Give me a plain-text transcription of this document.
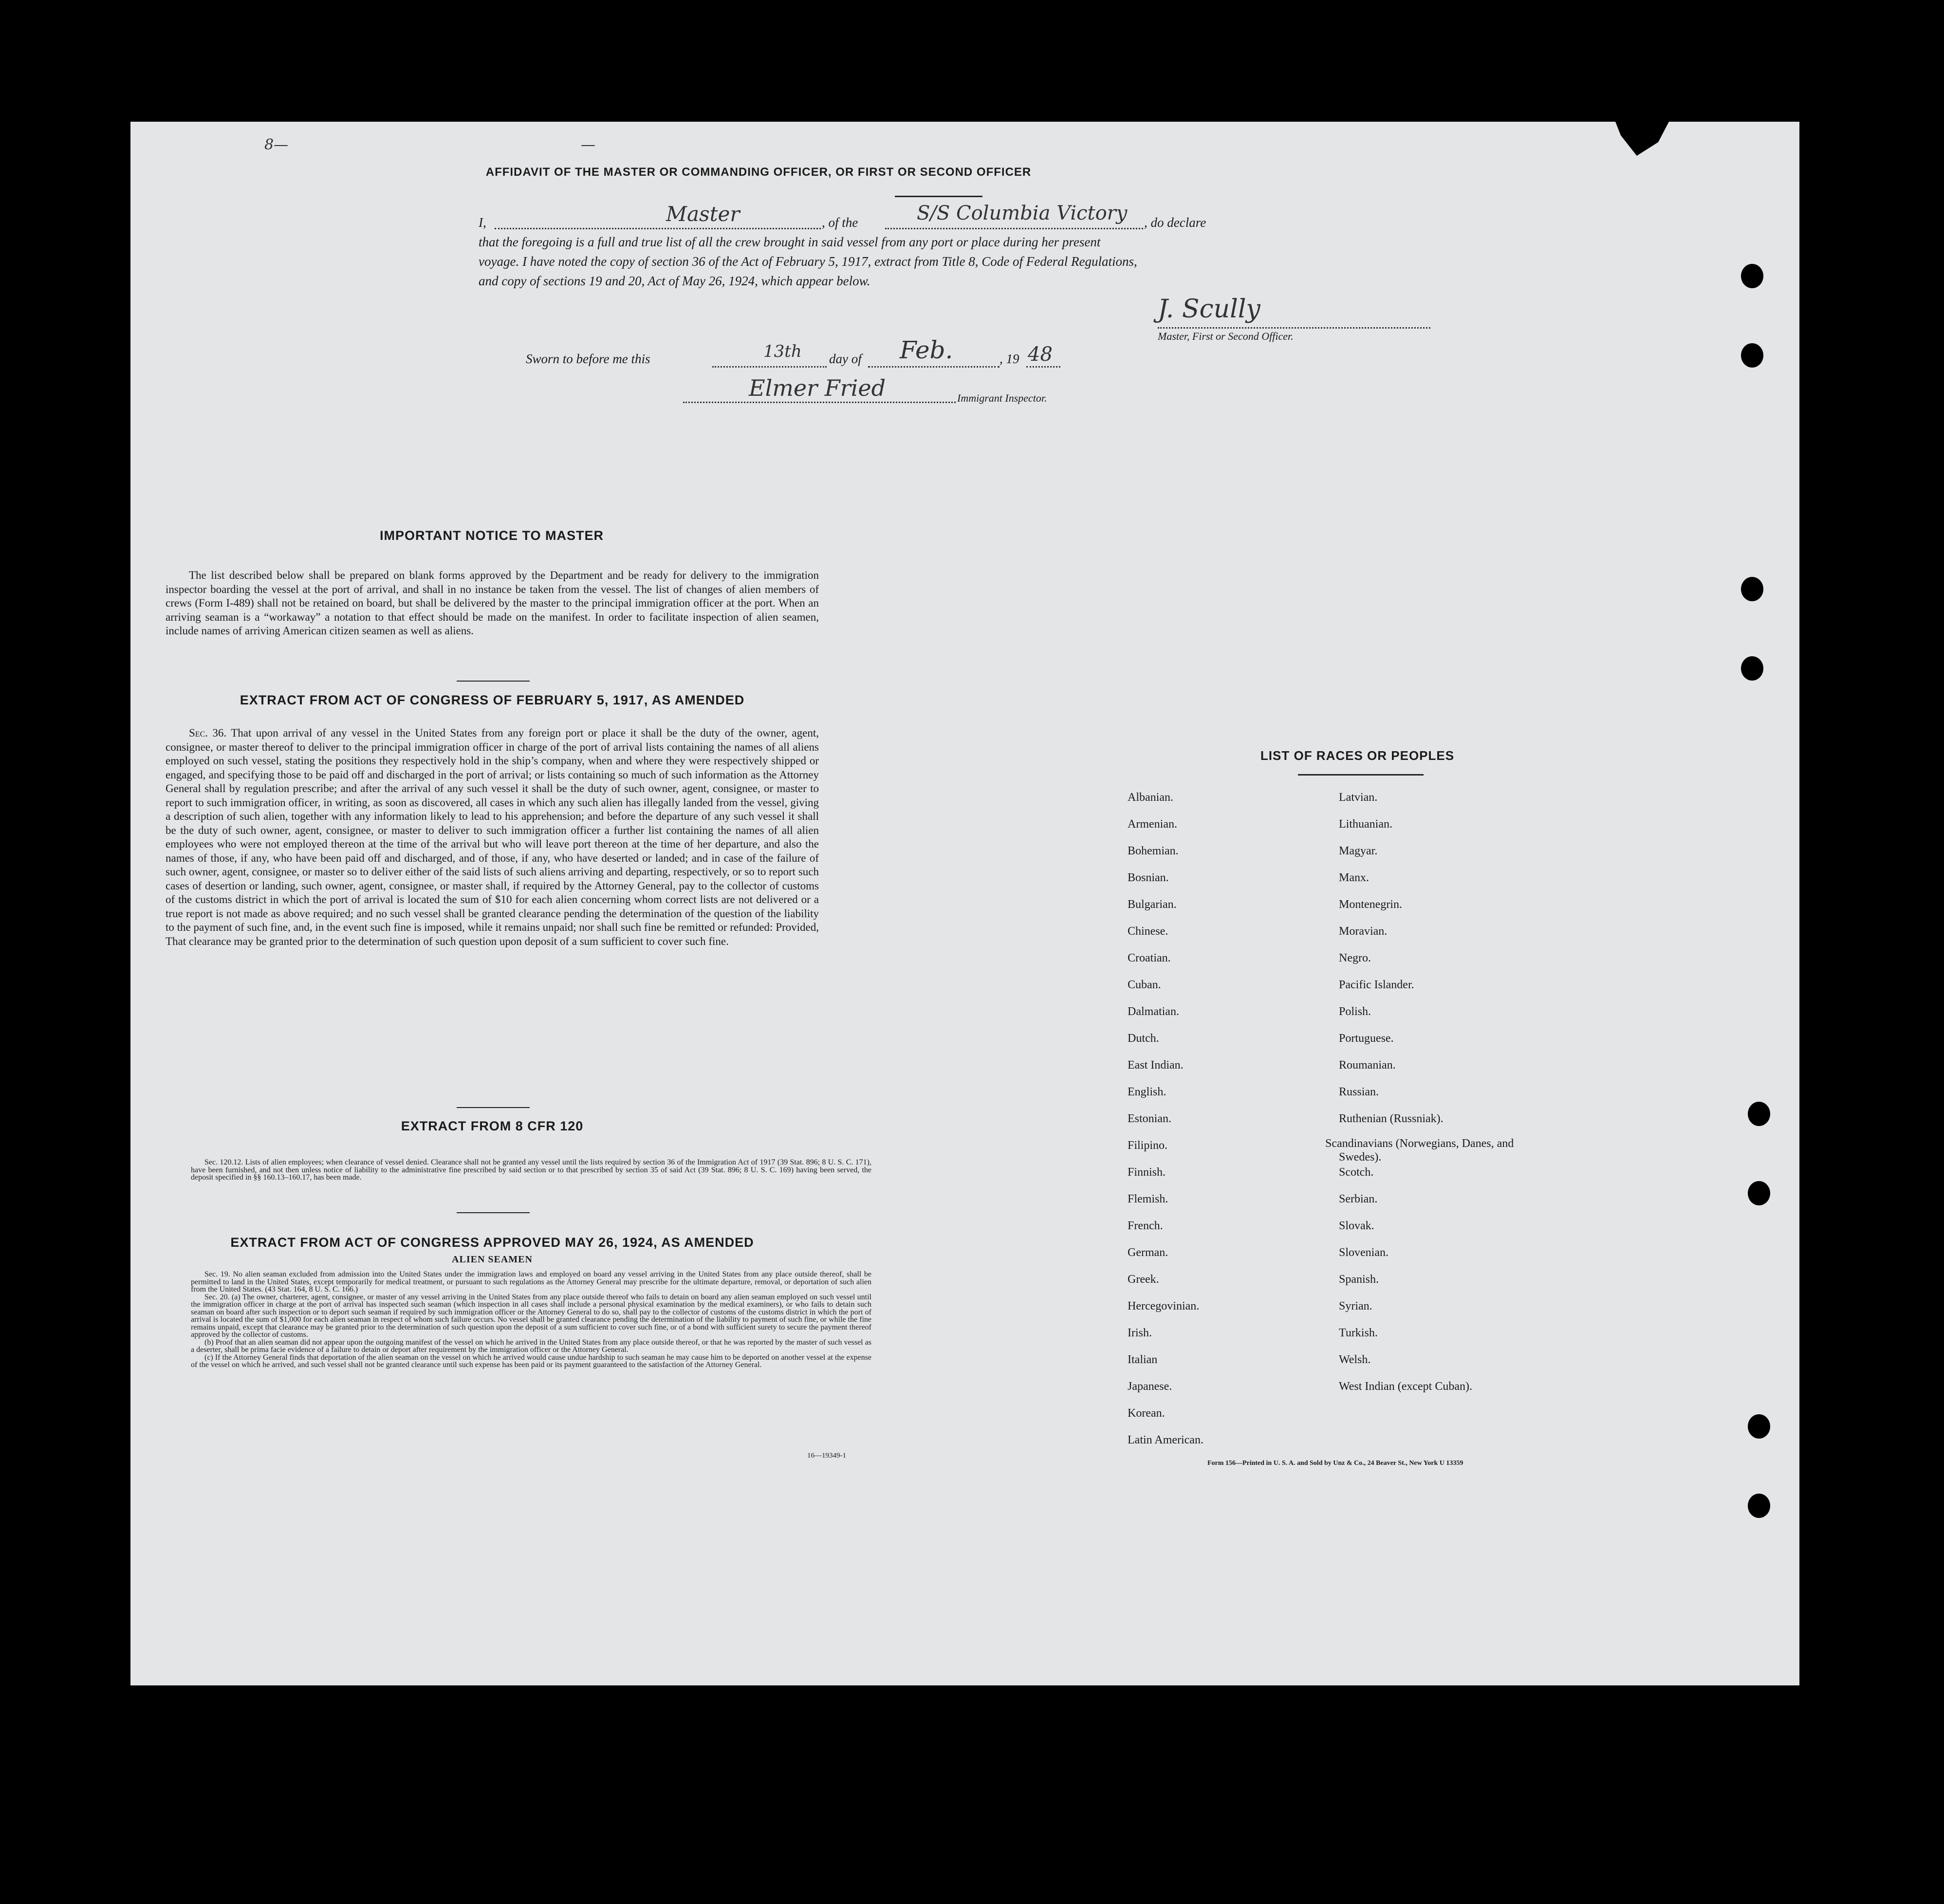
8—	—
AFFIDAVIT OF THE MASTER OR COMMANDING OFFICER, OR FIRST OR SECOND OFFICER
I,	Master	, of the	S/S Columbia Victory , do declare
that the foregoing is a full and true list of all the crew brought in said vessel from any port or place during her present
voyage. I have noted the copy of section 36 of the Act of February 5, 1917, extract from Title 8, Code of Federal Regulations,
and copy of sections 19 and 20, Act of May 26, 1924, which appear below.
J. Scully
Master, First or Second Officer.
Sworn to before me this	13th day of Feb.	, 19 48
Elmer Fried	Immigrant Inspector.
IMPORTANT NOTICE TO MASTER
The list described below shall be prepared on blank forms approved by the Department and be ready for delivery to the immigration inspector boarding the vessel at the port of arrival, and shall in no instance be taken from the vessel. The list of changes of alien members of crews (Form I-489) shall not be retained on board, but shall be delivered by the master to the principal immigration officer at the port. When an arriving seaman is a “workaway” a notation to that effect should be made on the manifest. In order to facilitate inspection of alien seamen, include names of arriving American citizen seamen as well as aliens.
EXTRACT FROM ACT OF CONGRESS OF FEBRUARY 5, 1917, AS AMENDED
Sec. 36. That upon arrival of any vessel in the United States from any foreign port or place it shall be the duty of the owner, agent, consignee, or master thereof to deliver to the principal immigration officer in charge of the port of arrival lists containing the names of all aliens employed on such vessel, stating the positions they respectively hold in the ship’s company, when and where they were respectively shipped or engaged, and specifying those to be paid off and discharged in the port of arrival; or lists containing so much of such information as the Attorney General shall by regulation prescribe; and after the arrival of any such vessel it shall be the duty of such owner, agent, consignee, or master to report to such immigration officer, in writing, as soon as discovered, all cases in which any such alien has illegally landed from the vessel, giving a description of such alien, together with any information likely to lead to his apprehension; and before the departure of any such vessel it shall be the duty of such owner, agent, consignee, or master to deliver to such immigration officer a further list containing the names of all alien employees who were not employed thereon at the time of the arrival but who will leave port thereon at the time of her departure, and also the names of those, if any, who have been paid off and discharged, and of those, if any, who have deserted or landed; and in case of the failure of such owner, agent, consignee, or master so to deliver either of the said lists of such aliens arriving and departing, respectively, or so to report such cases of desertion or landing, such owner, agent, consignee, or master shall, if required by the Attorney General, pay to the collector of customs of the customs district in which the port of arrival is located the sum of $10 for each alien concerning whom correct lists are not delivered or a true report is not made as above required; and no such vessel shall be granted clearance pending the determination of the question of the liability to the payment of such fine, and, in the event such fine is imposed, while it remains unpaid; nor shall such fine be remitted or refunded: Provided, That clearance may be granted prior to the determination of such question upon deposit of a sum sufficient to cover such fine.
EXTRACT FROM 8 CFR 120

Sec. 120.12. Lists of alien employees; when clearance of vessel denied. Clearance shall not be granted any vessel until the lists required by section 36 of the Immigration Act of 1917 (39 Stat. 896; 8 U. S. C. 171), have been furnished, and not then unless notice of liability to the administrative fine prescribed by said section or to that prescribed by section 35 of said Act (39 Stat. 896; 8 U. S. C. 169) having been served, the deposit specified in §§ 160.13–160.17, has been made.

EXTRACT FROM ACT OF CONGRESS APPROVED MAY 26, 1924, AS AMENDED
ALIEN SEAMEN

Sec. 19. No alien seaman excluded from admission into the United States under the immigration laws and employed on board any vessel arriving in the United States from any place outside thereof, shall be permitted to land in the United States, except temporarily for medical treatment, or pursuant to such regulations as the Attorney General may prescribe for the ultimate departure, removal, or deportation of such alien from the United States. (43 Stat. 164, 8 U. S. C. 166.)

Sec. 20. (a) The owner, charterer, agent, consignee, or master of any vessel arriving in the United States from any place outside thereof who fails to detain on board any alien seaman employed on such vessel until the immigration officer in charge at the port of arrival has inspected such seaman (which inspection in all cases shall include a personal physical examination by the medical examiners), or who fails to detain such seaman on board after such inspection or to deport such seaman if required by such immigration officer or the Attorney General to do so, shall pay to the collector of customs of the customs district in which the port of arrival is located the sum of $1,000 for each alien seaman in respect of whom such failure occurs. No vessel shall be granted clearance pending the determination of the liability to payment of such fine, or while the fine remains unpaid, except that clearance may be granted prior to the determination of such question upon the deposit of a sum sufficient to cover such fine, or of a bond with sufficient surety to secure the payment thereof approved by the collector of customs.

(b) Proof that an alien seaman did not appear upon the outgoing manifest of the vessel on which he arrived in the United States from any place outside thereof, or that he was reported by the master of such vessel as a deserter, shall be prima facie evidence of a failure to detain or deport after requirement by the immigration officer or the Attorney General.

(c) If the Attorney General finds that deportation of the alien seaman on the vessel on which he arrived would cause undue hardship to such seaman he may cause him to be deported on another vessel at the expense of the vessel on which he arrived, and such vessel shall not be granted clearance until such expense has been paid or its payment guaranteed to the satisfaction of the Attorney General.

16—19349-1
LIST OF RACES OR PEOPLES
Form 156—Printed in U. S. A. and Sold by Unz & Co., 24 Beaver St., New York U 13359
Albanian.
Armenian.
Bohemian.
Bosnian.
Bulgarian.
Chinese.
Croatian.
Cuban.
Dalmatian.
Dutch.
East Indian.
English.
Estonian.
Filipino.
Finnish.
Flemish.
French.
German.
Greek.
Hercegovinian.
Irish.
Italian
Japanese.
Korean.
Latin American.
Latvian.
Lithuanian.
Magyar.
Manx.
Montenegrin.
Moravian.
Negro.
Pacific Islander.
Polish.
Portuguese.
Roumanian.
Russian.
Ruthenian (Russniak).
Scandinavians (Norwegians, Danes, and Swedes).
Scotch.
Serbian.
Slovak.
Slovenian.
Spanish.
Syrian.
Turkish.
Welsh.
West Indian (except Cuban).
